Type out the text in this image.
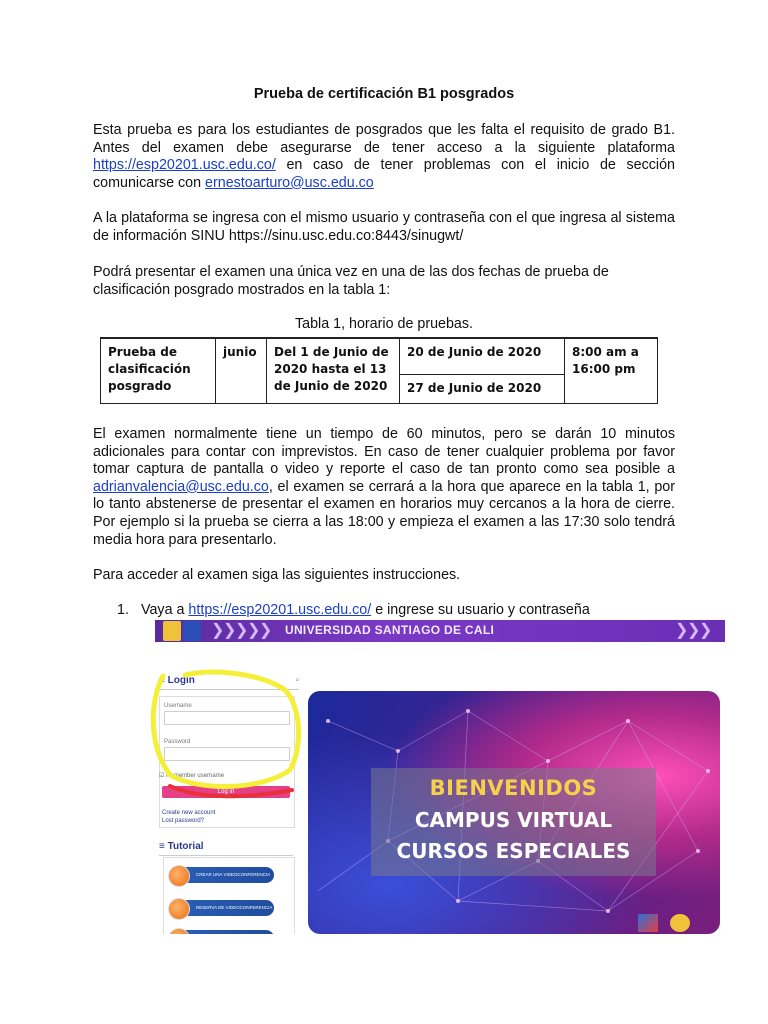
Prueba de certificación B1 posgrados
Esta prueba es para los estudiantes de posgrados que les falta el requisito de grado B1. Antes del examen debe asegurarse de tener acceso a la siguiente plataforma https://esp20201.usc.edu.co/ en caso de tener problemas con el inicio de sección comunicarse con ernestoarturo@usc.edu.co
A la plataforma se ingresa con el mismo usuario y contraseña con el que ingresa al sistema de información SINU https://sinu.usc.edu.co:8443/sinugwt/
Podrá presentar el examen una única vez en una de las dos fechas de prueba de clasificación posgrado mostrados en la tabla 1:
Tabla 1, horario de pruebas.
Prueba de clasificación posgrado	junio	Del 1 de Junio de 2020 hasta el 13 de Junio de 2020	20 de Junio de 2020	8:00 am a 16:00 pm
27 de Junio de 2020
El examen normalmente tiene un tiempo de 60 minutos, pero se darán 10 minutos adicionales para contar con imprevistos. En caso de tener cualquier problema por favor tomar captura de pantalla o video y reporte el caso de tan pronto como sea posible a adrianvalencia@usc.edu.co, el examen se cerrará a la hora que aparece en la tabla 1, por lo tanto abstenerse de presentar el examen en horarios muy cercanos a la hora de cierre. Por ejemplo si la prueba se cierra a las 18:00 y empieza el examen a las 17:30 solo tendrá media hora para presentarlo.
Para acceder al examen siga las siguientes instrucciones.
1. Vaya a https://esp20201.usc.edu.co/ e ingrese su usuario y contraseña
❯
❯
❯
❯
❯ UNIVERSIDAD SANTIAGO DE CALI	❯
❯
❯
≡ Login	▫
Username
Password
☑ Remember username
Log in
Create new account
Lost password?
≡ Tutorial
CREAR UNA VIDEOCONFERENCIA
RESERVA DE VIDEOCONFERENCIA PORTUAN
BIENVENIDOS
CAMPUS VIRTUAL
CURSOS ESPECIALES
